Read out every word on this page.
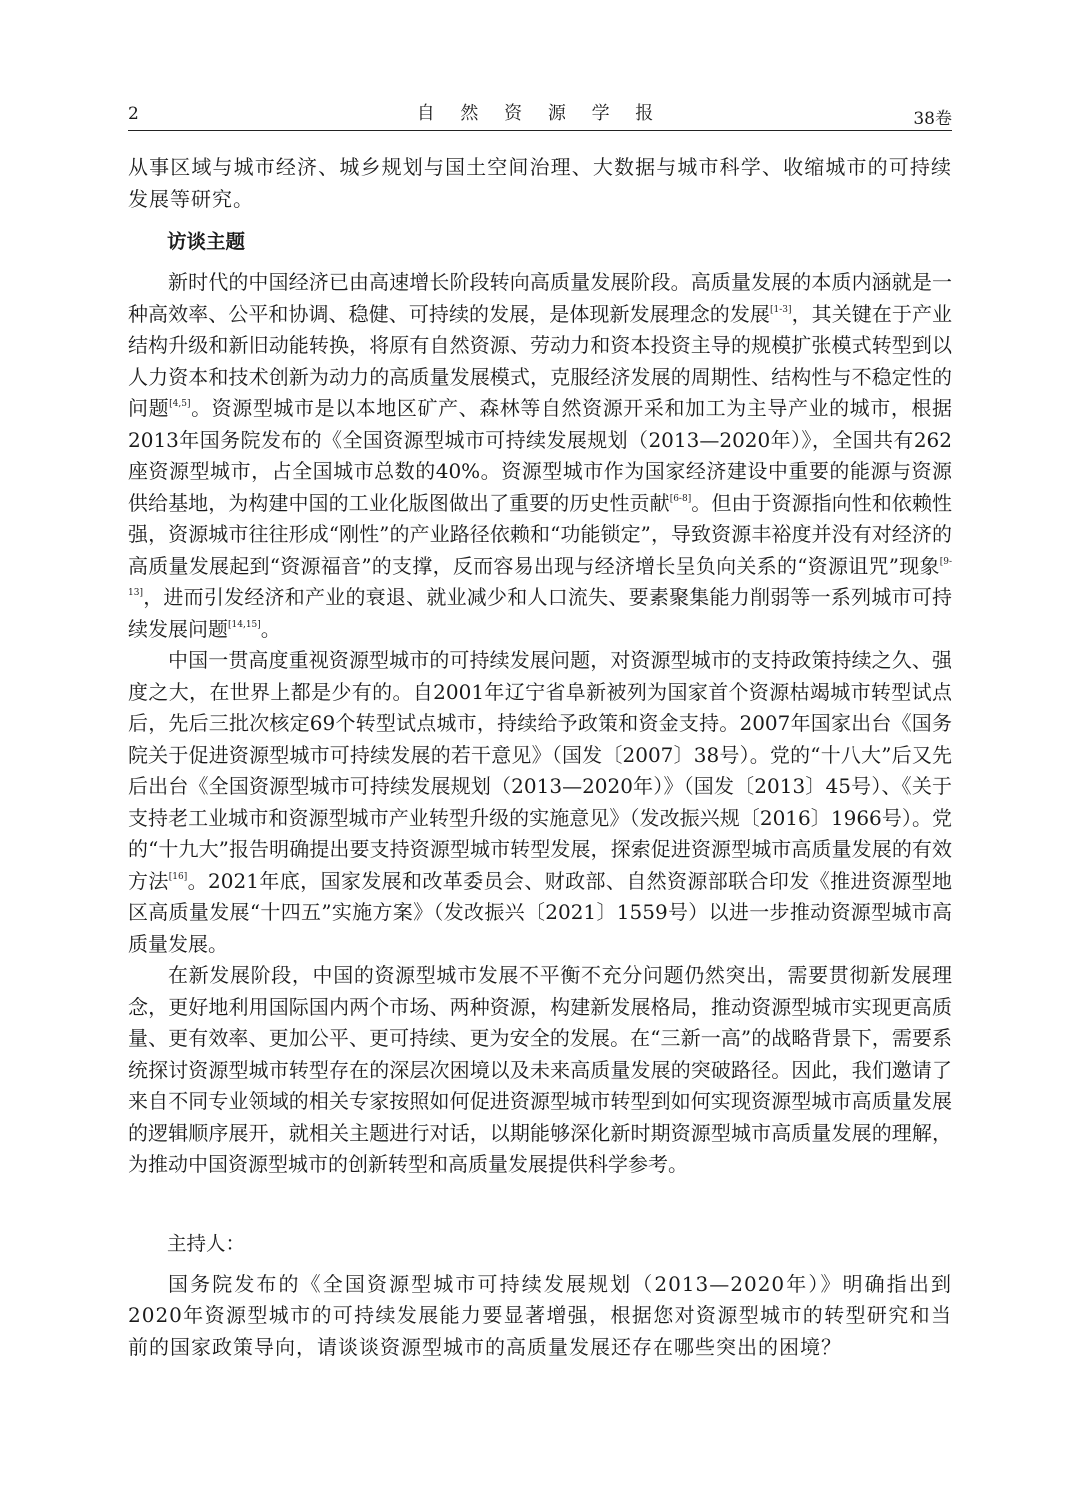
2	自 然 资 源 学 报	38卷

从事区域与城市经济、城乡规划与国土空间治理、大数据与城市科学、收缩城市的可持续发展等研究。

访谈主题

新时代的中国经济已由高速增长阶段转向高质量发展阶段。高质量发展的本质内涵就是一种高效率、公平和协调、稳健、可持续的发展，是体现新发展理念的发展[1-3]，其关键在于产业结构升级和新旧动能转换，将原有自然资源、劳动力和资本投资主导的规模扩张模式转型到以人力资本和技术创新为动力的高质量发展模式，克服经济发展的周期性、结构性与不稳定性的问题[4,5]。资源型城市是以本地区矿产、森林等自然资源开采和加工为主导产业的城市，根据2013年国务院发布的《全国资源型城市可持续发展规划（2013—2020年）》，全国共有262座资源型城市，占全国城市总数的40%。资源型城市作为国家经济建设中重要的能源与资源供给基地，为构建中国的工业化版图做出了重要的历史性贡献[6-8]。但由于资源指向性和依赖性强，资源城市往往形成“刚性”的产业路径依赖和“功能锁定”，导致资源丰裕度并没有对经济的高质量发展起到“资源福音”的支撑，反而容易出现与经济增长呈负向关系的“资源诅咒”现象[9-13]，进而引发经济和产业的衰退、就业减少和人口流失、要素聚集能力削弱等一系列城市可持续发展问题[14,15]。

中国一贯高度重视资源型城市的可持续发展问题，对资源型城市的支持政策持续之久、强度之大，在世界上都是少有的。自2001年辽宁省阜新被列为国家首个资源枯竭城市转型试点后，先后三批次核定69个转型试点城市，持续给予政策和资金支持。2007年国家出台《国务院关于促进资源型城市可持续发展的若干意见》（国发〔2007〕38号）。党的“十八大”后又先后出台《全国资源型城市可持续发展规划（2013—2020年）》（国发〔2013〕45号）、《关于支持老工业城市和资源型城市产业转型升级的实施意见》（发改振兴规〔2016〕1966号）。党的“十九大”报告明确提出要支持资源型城市转型发展，探索促进资源型城市高质量发展的有效方法[16]。2021年底，国家发展和改革委员会、财政部、自然资源部联合印发《推进资源型地区高质量发展“十四五”实施方案》（发改振兴〔2021〕1559号）以进一步推动资源型城市高质量发展。

在新发展阶段，中国的资源型城市发展不平衡不充分问题仍然突出，需要贯彻新发展理念，更好地利用国际国内两个市场、两种资源，构建新发展格局，推动资源型城市实现更高质量、更有效率、更加公平、更可持续、更为安全的发展。在“三新一高”的战略背景下，需要系统探讨资源型城市转型存在的深层次困境以及未来高质量发展的突破路径。因此，我们邀请了来自不同专业领域的相关专家按照如何促进资源型城市转型到如何实现资源型城市高质量发展的逻辑顺序展开，就相关主题进行对话，以期能够深化新时期资源型城市高质量发展的理解，为推动中国资源型城市的创新转型和高质量发展提供科学参考。

主持人：

国务院发布的《全国资源型城市可持续发展规划（2013—2020年）》明确指出到2020年资源型城市的可持续发展能力要显著增强，根据您对资源型城市的转型研究和当前的国家政策导向，请谈谈资源型城市的高质量发展还存在哪些突出的困境？
